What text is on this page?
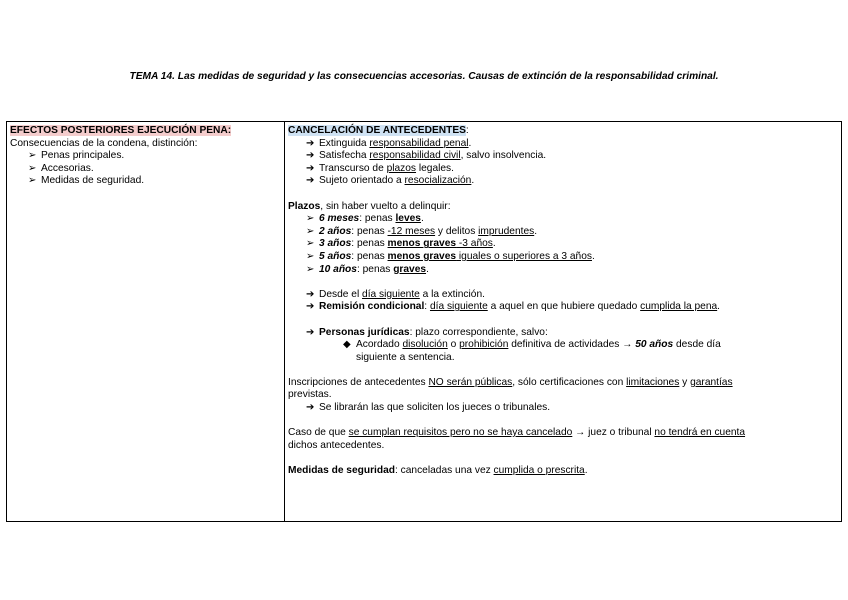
TEMA 14. Las medidas de seguridad y las consecuencias accesorias. Causas de extinción de la responsabilidad criminal.
EFECTOS POSTERIORES EJECUCIÓN PENA:
Consecuencias de la condena, distinción:
➢ Penas principales.
➢ Accesorias.
➢ Medidas de seguridad.

CANCELACIÓN DE ANTECEDENTES:
➔ Extinguida responsabilidad penal.
➔ Satisfecha responsabilidad civil, salvo insolvencia.
➔ Transcurso de plazos legales.
➔ Sujeto orientado a resocialización.
Plazos, sin haber vuelto a delinquir:
➢ 6 meses: penas leves.
➢ 2 años: penas -12 meses y delitos imprudentes.
➢ 3 años: penas menos graves -3 años.
➢ 5 años: penas menos graves iguales o superiores a 3 años.
➢ 10 años: penas graves.
➔ Desde el día siguiente a la extinción.
➔ Remisión condicional: día siguiente a aquel en que hubiere quedado cumplida la pena.
➔ Personas jurídicas: plazo correspondiente, salvo:
◆ Acordado disolución o prohibición definitiva de actividades → 50 años desde día
siguiente a sentencia.
Inscripciones de antecedentes NO serán públicas, sólo certificaciones con limitaciones y garantías
previstas.
➔ Se librarán las que soliciten los jueces o tribunales.
Caso de que se cumplan requisitos pero no se haya cancelado → juez o tribunal no tendrá en cuenta
dichos antecedentes.
Medidas de seguridad: canceladas una vez cumplida o prescrita.
